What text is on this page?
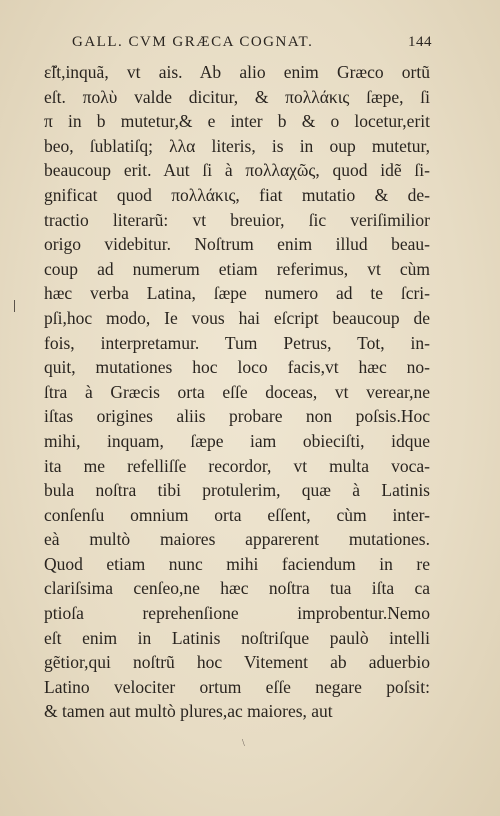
GALL. CVM GRÆCA COGNAT.	144
ɛ̃ſt,inquã, vt ais. Ab alio enim Græco ortũ
eſt. πολὺ valde dicitur, & πολλάκις ſæpe, ſi
π in b mutetur,& e inter b & o locetur,erit
beo, ſublatiſq; λλα literis, is in oup mutetur,
beaucoup erit. Aut ſi à πολλαχῶς, quod idẽ ſi-
gnificat quod πολλάκις, fiat mutatio & de-
tractio literarũ: vt breuior, ſic veriſimilior
origo videbitur. Noſtrum enim illud beau-
coup ad numerum etiam referimus, vt cùm
hæc verba Latina, ſæpe numero ad te ſcri-
pſi,hoc modo, Ie vous hai eſcript beaucoup de
fois, interpretamur. Tum Petrus, Tot, in-
quit, mutationes hoc loco facis,vt hæc no-
ſtra à Græcis orta eſſe doceas, vt verear,ne
iſtas origines aliis probare non poſsis.Hoc
mihi, inquam, ſæpe iam obieciſti, idque
ita me refelliſſe recordor, vt multa voca-
bula noſtra tibi protulerim, quæ à Latinis
conſenſu omnium orta eſſent, cùm inter-
eà multò maiores apparerent mutationes.
Quod etiam nunc mihi faciendum in re
clariſsima cenſeo,ne hæc noſtra tua iſta ca
ptioſa reprehenſione improbentur.Nemo
eſt enim in Latinis noſtriſque paulò intelli
gẽtior,qui noſtrũ hoc Vitement ab aduerbio
Latino velociter ortum eſſe negare poſsit:
& tamen aut multò plures,ac maiores, aut
\
